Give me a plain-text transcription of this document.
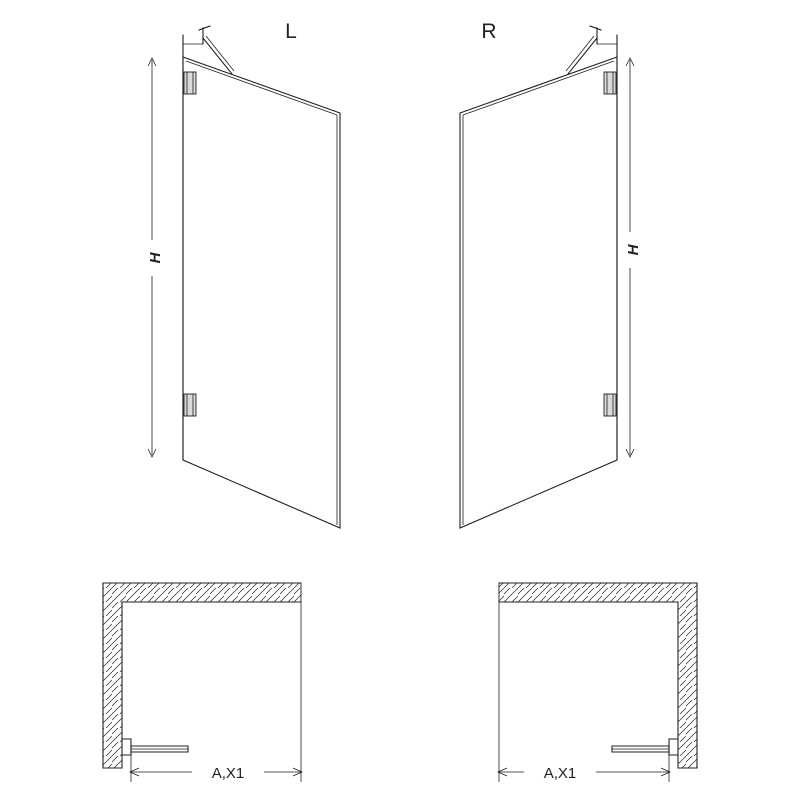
H
L
H
R
A,X1	A,X1
